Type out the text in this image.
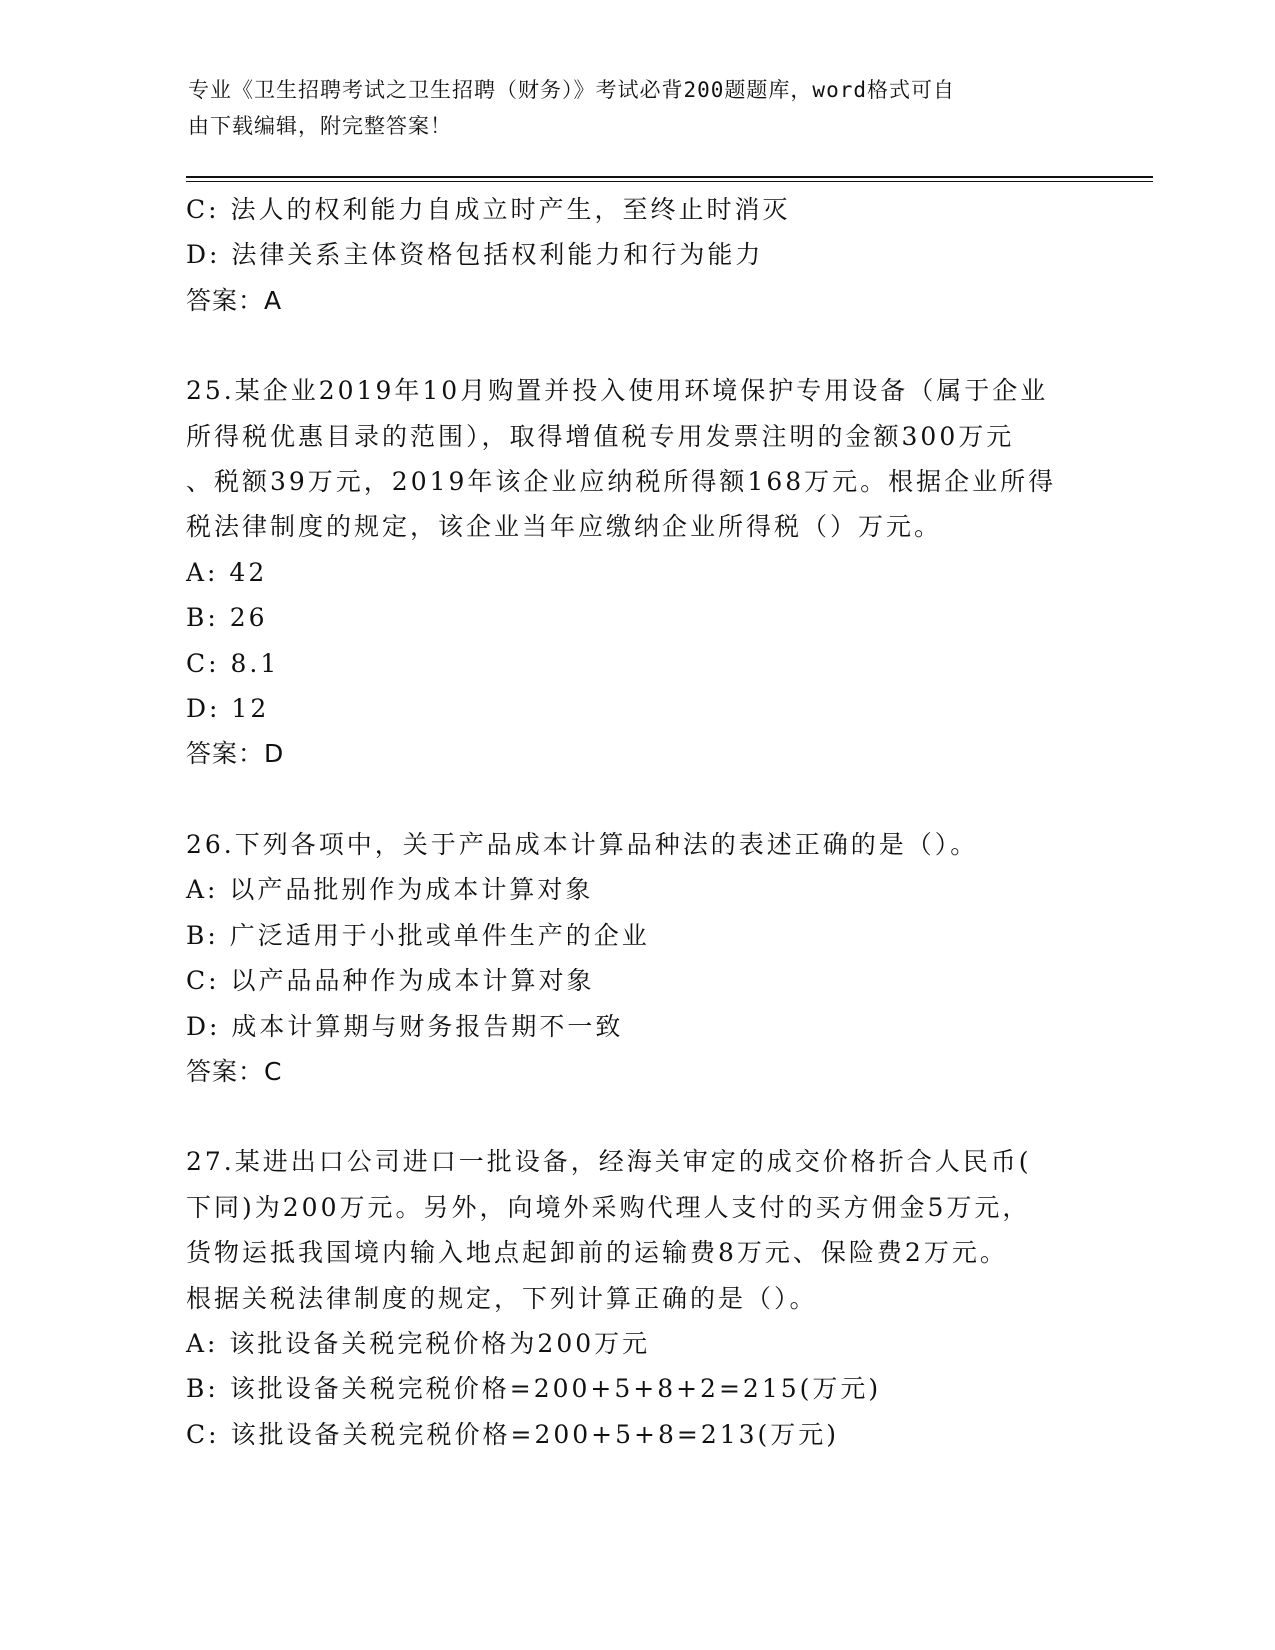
专业《卫生招聘考试之卫生招聘（财务）》考试必背200题题库，word格式可自
由下载编辑，附完整答案！
C: 法人的权利能力自成立时产生，至终止时消灭
D: 法律关系主体资格包括权利能力和行为能力
答案：A
25.某企业2019年10月购置并投入使用环境保护专用设备（属于企业
所得税优惠目录的范围），取得增值税专用发票注明的金额300万元
、税额39万元，2019年该企业应纳税所得额168万元。根据企业所得
税法律制度的规定，该企业当年应缴纳企业所得税（）万元。
A: 42
B: 26
C: 8.1
D: 12
答案：D
26.下列各项中，关于产品成本计算品种法的表述正确的是（）。
A: 以产品批别作为成本计算对象
B: 广泛适用于小批或单件生产的企业
C: 以产品品种作为成本计算对象
D: 成本计算期与财务报告期不一致
答案：C
27.某进出口公司进口一批设备，经海关审定的成交价格折合人民币(
下同)为200万元。另外，向境外采购代理人支付的买方佣金5万元，
货物运抵我国境内输入地点起卸前的运输费8万元、保险费2万元。
根据关税法律制度的规定，下列计算正确的是（）。
A: 该批设备关税完税价格为200万元
B: 该批设备关税完税价格=200+5+8+2=215(万元)
C: 该批设备关税完税价格=200+5+8=213(万元)
